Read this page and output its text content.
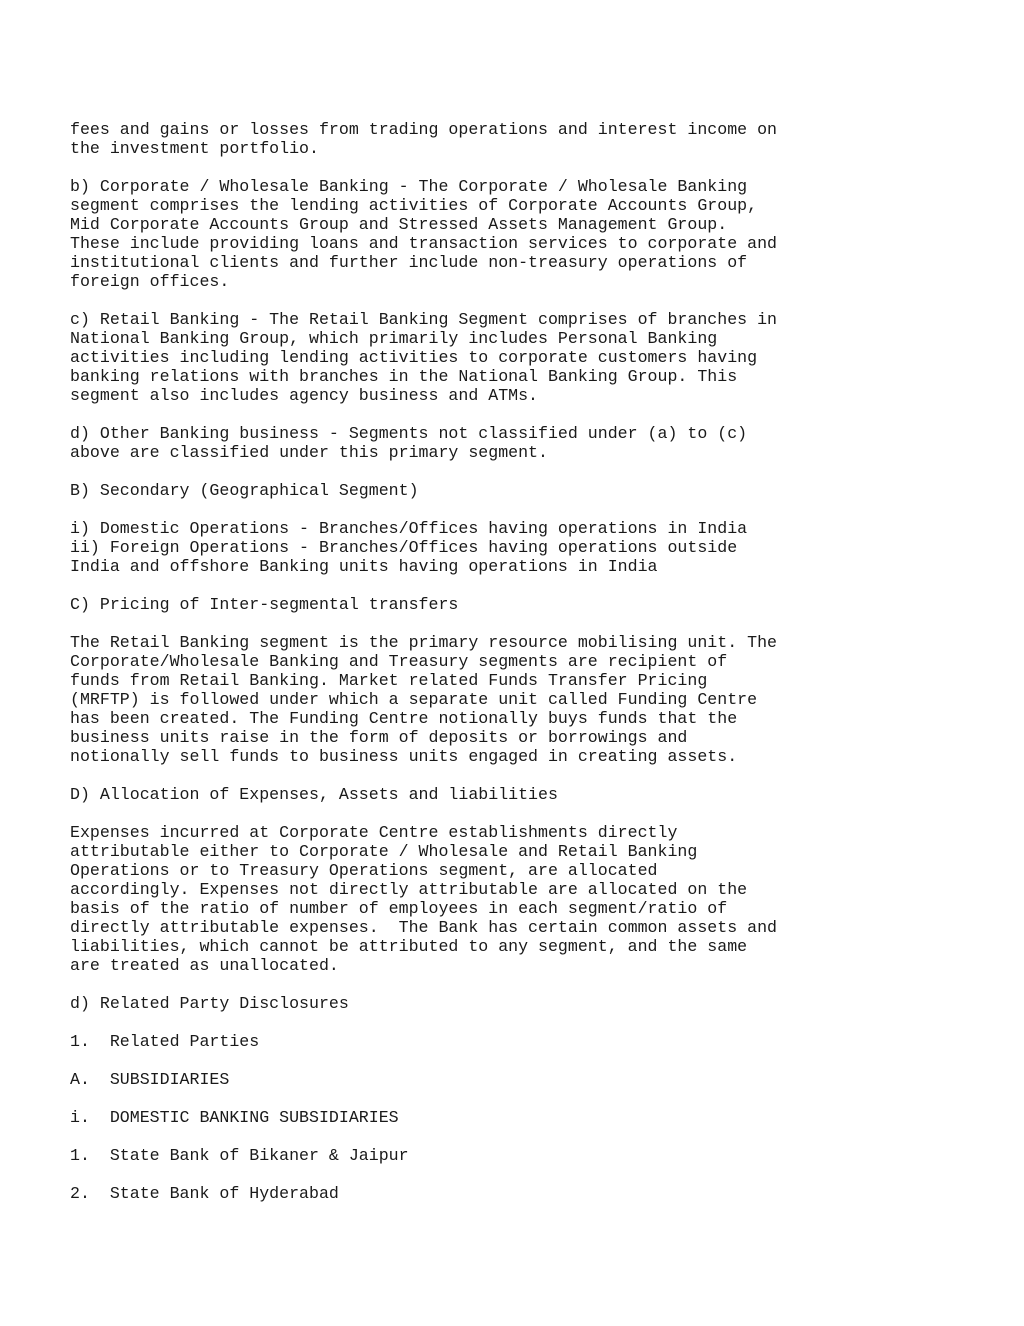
fees and gains or losses from trading operations and interest income on
the investment portfolio.
b) Corporate / Wholesale Banking - The Corporate / Wholesale Banking
segment comprises the lending activities of Corporate Accounts Group,
Mid Corporate Accounts Group and Stressed Assets Management Group.
These include providing loans and transaction services to corporate and
institutional clients and further include non-treasury operations of
foreign offices.
c) Retail Banking - The Retail Banking Segment comprises of branches in
National Banking Group, which primarily includes Personal Banking
activities including lending activities to corporate customers having
banking relations with branches in the National Banking Group. This
segment also includes agency business and ATMs.
d) Other Banking business - Segments not classified under (a) to (c)
above are classified under this primary segment.
B) Secondary (Geographical Segment)
i) Domestic Operations - Branches/Offices having operations in India
ii) Foreign Operations - Branches/Offices having operations outside
India and offshore Banking units having operations in India
C) Pricing of Inter-segmental transfers
The Retail Banking segment is the primary resource mobilising unit. The
Corporate/Wholesale Banking and Treasury segments are recipient of
funds from Retail Banking. Market related Funds Transfer Pricing
(MRFTP) is followed under which a separate unit called Funding Centre
has been created. The Funding Centre notionally buys funds that the
business units raise in the form of deposits or borrowings and
notionally sell funds to business units engaged in creating assets.
D) Allocation of Expenses, Assets and liabilities
Expenses incurred at Corporate Centre establishments directly
attributable either to Corporate / Wholesale and Retail Banking
Operations or to Treasury Operations segment, are allocated
accordingly. Expenses not directly attributable are allocated on the
basis of the ratio of number of employees in each segment/ratio of
directly attributable expenses.  The Bank has certain common assets and
liabilities, which cannot be attributed to any segment, and the same
are treated as unallocated.
d) Related Party Disclosures
1.  Related Parties
A.  SUBSIDIARIES
i.  DOMESTIC BANKING SUBSIDIARIES
1.  State Bank of Bikaner & Jaipur
2.  State Bank of Hyderabad
